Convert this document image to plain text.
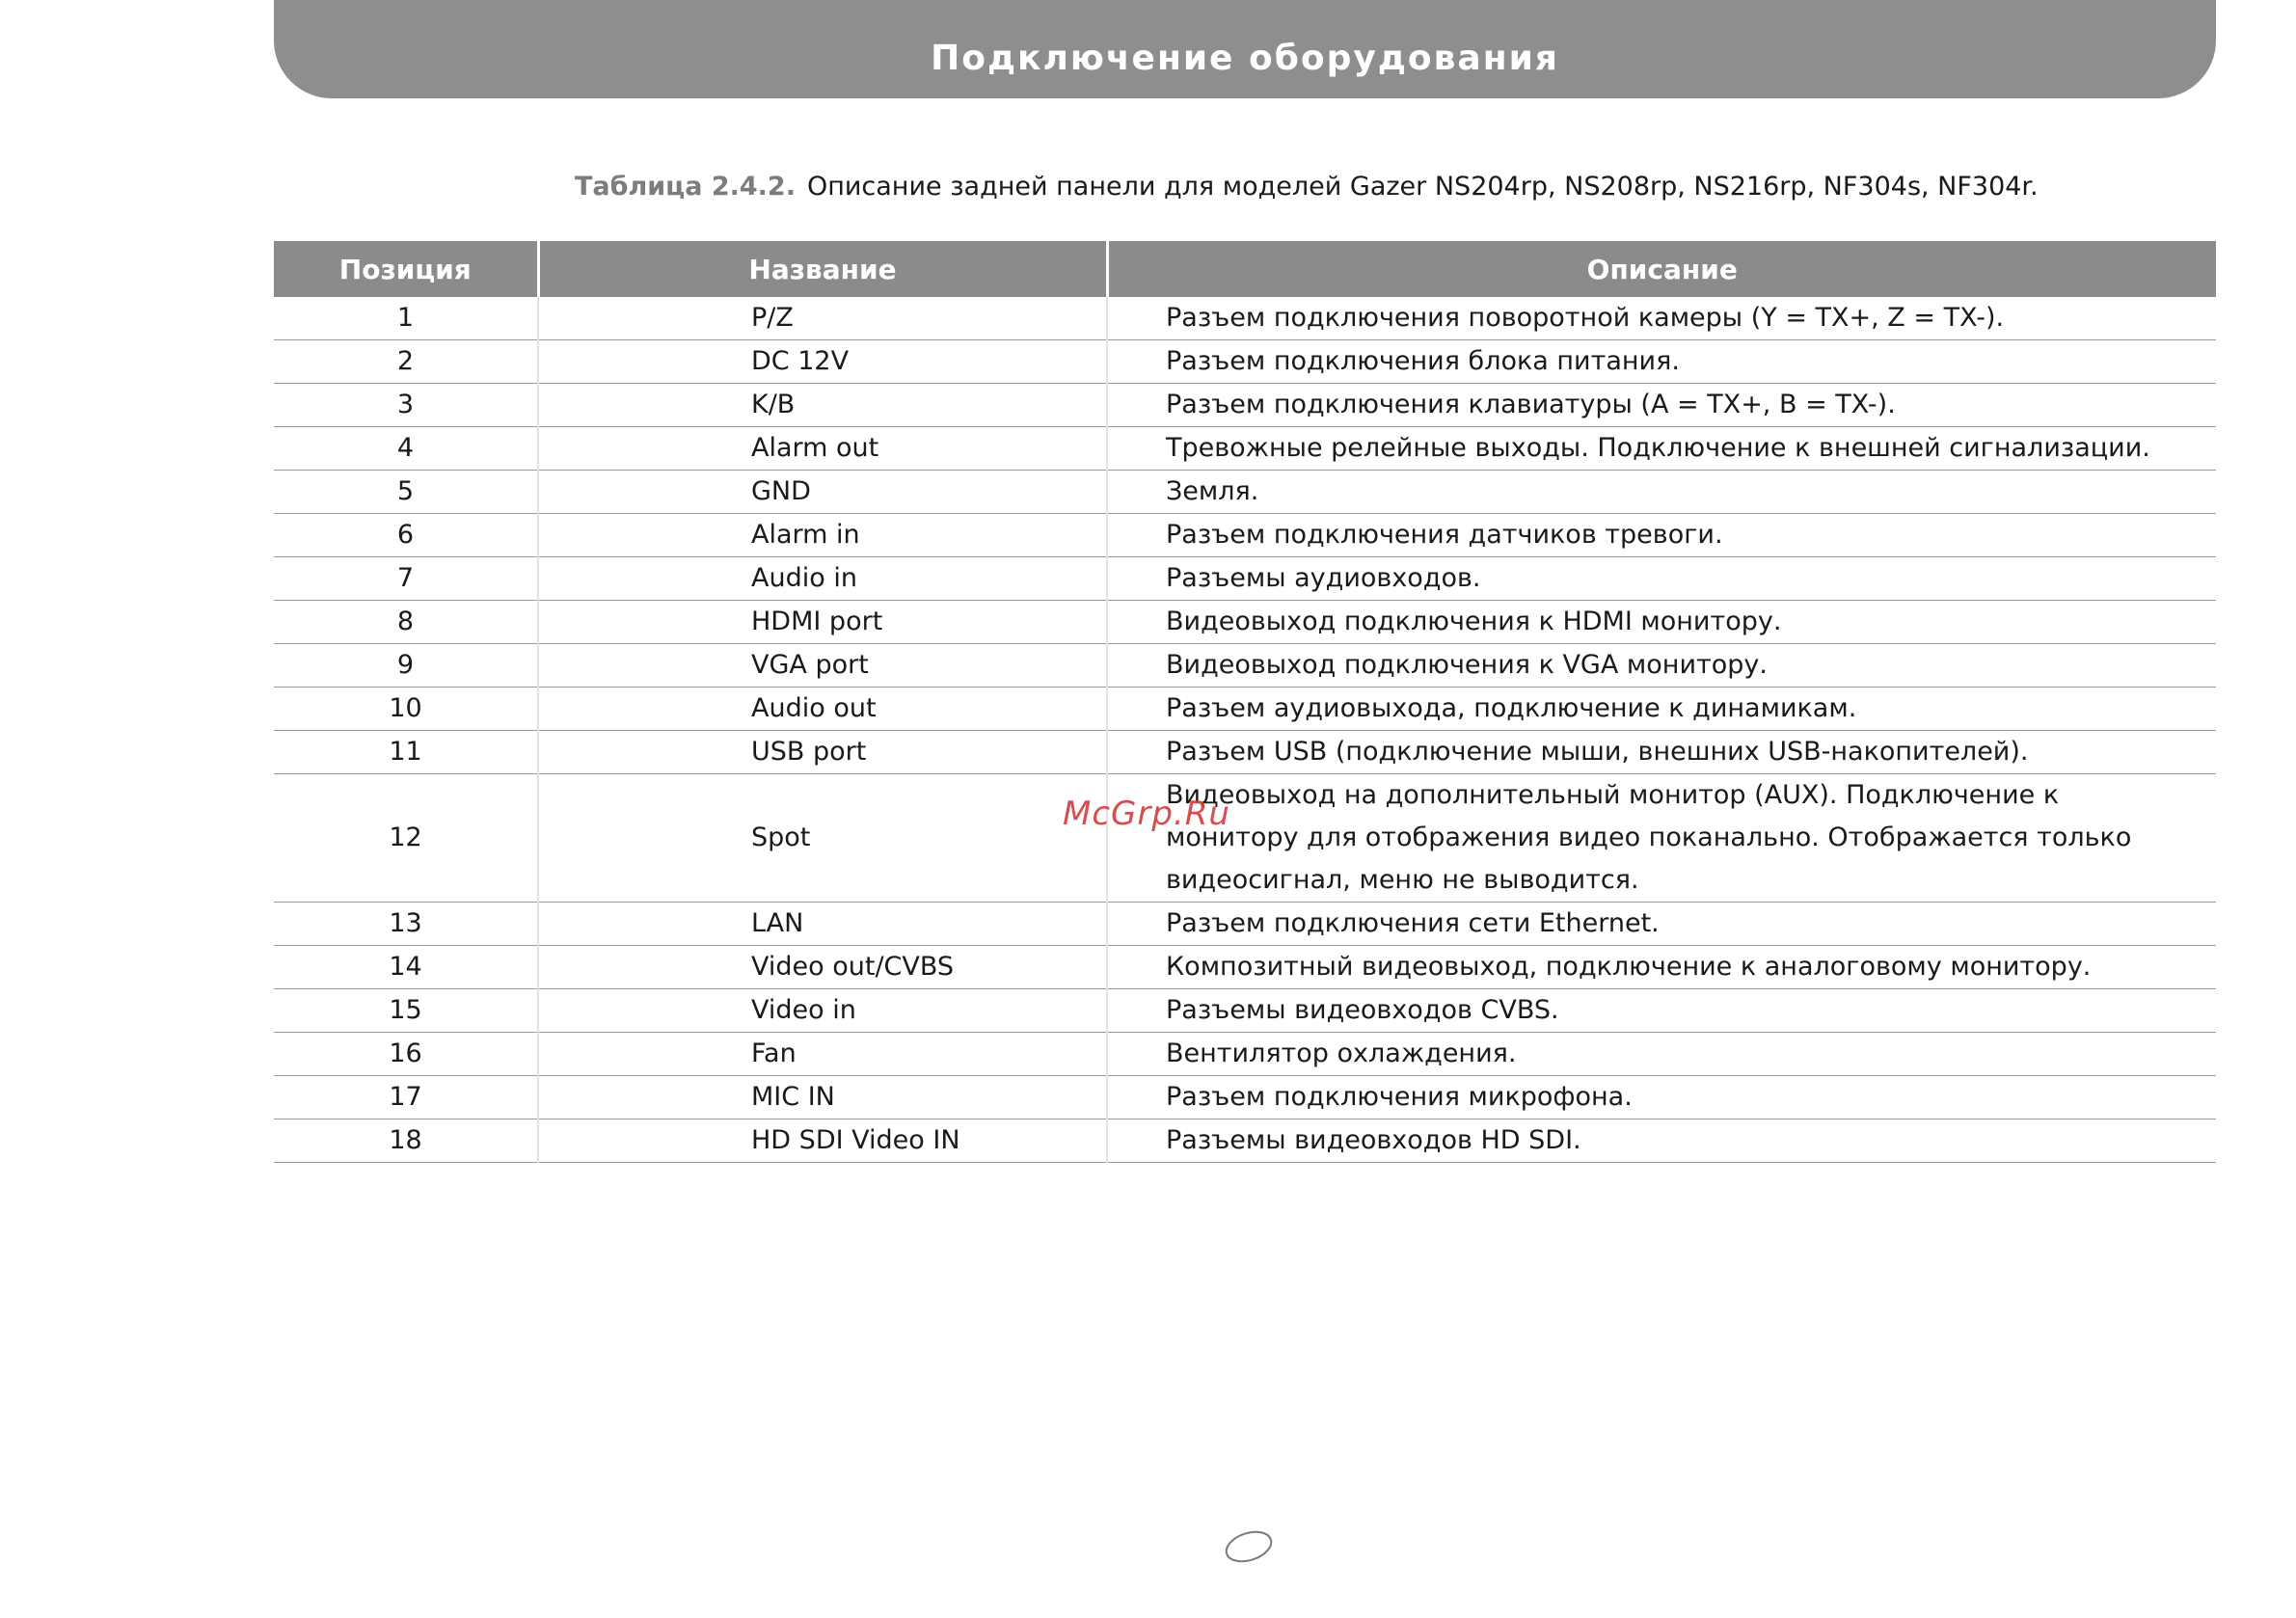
Подключение оборудования
Таблица 2.4.2. Описание задней панели для моделей Gazer NS204rp, NS208rp, NS216rp, NF304s, NF304r.
Позиция	Название	Описание
1	P/Z	Разъем подключения поворотной камеры (Y = TX+, Z = TX-).
2	DC 12V	Разъем подключения блока питания.
3	K/B	Разъем подключения клавиатуры (A = TX+, B = TX-).
4	Alarm out	Тревожные релейные выходы. Подключение к внешней сигнализации.
5	GND	Земля.
6	Alarm in	Разъем подключения датчиков тревоги.
7	Audio in	Разъемы аудиовходов.
8	HDMI port	Видеовыход подключения к HDMI монитору.
9	VGA port	Видеовыход подключения к VGA монитору.
10	Audio out	Разъем аудиовыхода, подключение к динамикам.
11	USB port	Разъем USB (подключение мыши, внешних USB-накопителей).
12	Spot	Видеовыход на дополнительный монитор (AUX). Подключение к монитору для отображения видео поканально. Отображается только видеосигнал, меню не выводится.
13	LAN	Разъем подключения сети Ethernet.
14	Video out/CVBS	Композитный видеовыход, подключение к аналоговому монитору.
15	Video in	Разъемы видеовходов CVBS.
16	Fan	Вентилятор охлаждения.
17	MIC IN	Разъем подключения микрофона.
18	HD SDI Video IN	Разъемы видеовходов HD SDI.
McGrp.Ru
